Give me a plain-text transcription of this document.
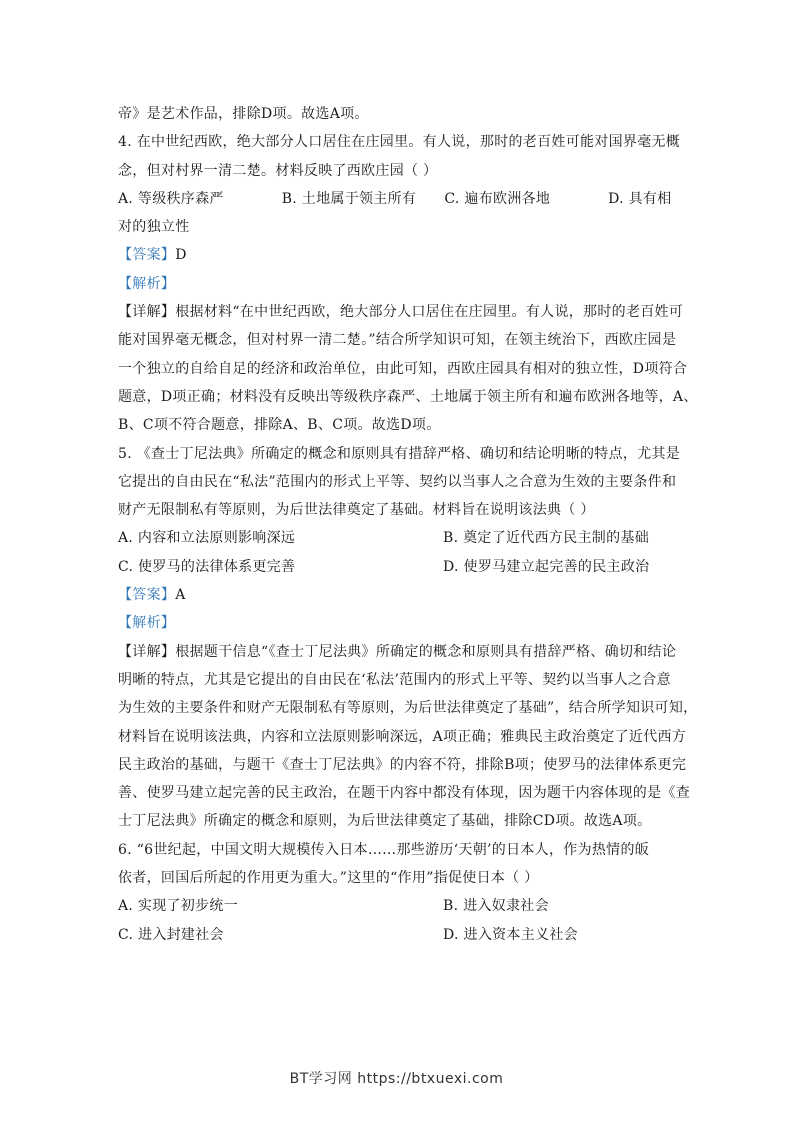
帝》是艺术作品，排除D项。故选A项。
4. 在中世纪西欧，绝大部分人口居住在庄园里。有人说，那时的老百姓可能对国界毫无概
念，但对村界一清二楚。材料反映了西欧庄园（ ）
A. 等级秩序森严	B. 土地属于领主所有	C. 遍布欧洲各地	D. 具有相
对的独立性
【答案】D
【解析】
【详解】根据材料“在中世纪西欧，绝大部分人口居住在庄园里。有人说，那时的老百姓可
能对国界毫无概念，但对村界一清二楚。”结合所学知识可知，在领主统治下，西欧庄园是
一个独立的自给自足的经济和政治单位，由此可知，西欧庄园具有相对的独立性，D项符合
题意，D项正确；材料没有反映出等级秩序森严、土地属于领主所有和遍布欧洲各地等，A、
B、C项不符合题意，排除A、B、C项。故选D项。
5. 《查士丁尼法典》所确定的概念和原则具有措辞严格、确切和结论明晰的特点，尤其是
它提出的自由民在“私法”范围内的形式上平等、契约以当事人之合意为生效的主要条件和
财产无限制私有等原则，为后世法律奠定了基础。材料旨在说明该法典（ ）
A. 内容和立法原则影响深远	B. 奠定了近代西方民主制的基础
C. 使罗马的法律体系更完善	D. 使罗马建立起完善的民主政治
【答案】A
【解析】
【详解】根据题干信息“《查士丁尼法典》所确定的概念和原则具有措辞严格、确切和结论
明晰的特点，尤其是它提出的自由民在‘私法’范围内的形式上平等、契约以当事人之合意
为生效的主要条件和财产无限制私有等原则，为后世法律奠定了基础”，结合所学知识可知，
材料旨在说明该法典，内容和立法原则影响深远，A项正确；雅典民主政治奠定了近代西方
民主政治的基础，与题干《查士丁尼法典》的内容不符，排除B项；使罗马的法律体系更完
善、使罗马建立起完善的民主政治，在题干内容中都没有体现，因为题干内容体现的是《查
士丁尼法典》所确定的概念和原则，为后世法律奠定了基础，排除CD项。故选A项。
6. “6世纪起，中国文明大规模传入日本……那些游历‘天朝’的日本人，作为热情的皈
依者，回国后所起的作用更为重大。”这里的“作用”指促使日本（ ）
A. 实现了初步统一	B. 进入奴隶社会
C. 进入封建社会	D. 进入资本主义社会
BT学习网 https://btxuexi.com
